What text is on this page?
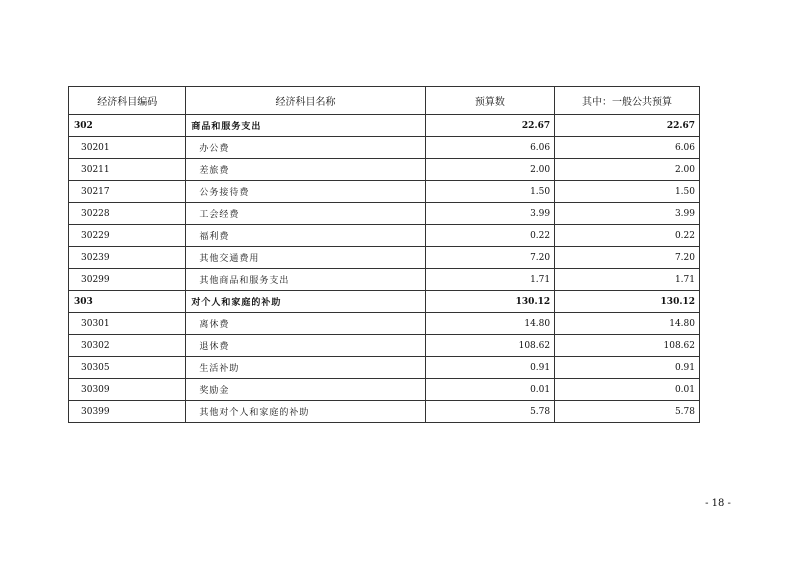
经济科目编码	经济科目名称	预算数	其中：一般公共预算
302	商品和服务支出	22.67	22.67
30201	办公费	6.06	6.06
30211	差旅费	2.00	2.00
30217	公务接待费	1.50	1.50
30228	工会经费	3.99	3.99
30229	福利费	0.22	0.22
30239	其他交通费用	7.20	7.20
30299	其他商品和服务支出	1.71	1.71
303	对个人和家庭的补助	130.12	130.12
30301	离休费	14.80	14.80
30302	退休费	108.62	108.62
30305	生活补助	0.91	0.91
30309	奖励金	0.01	0.01
30399	其他对个人和家庭的补助	5.78	5.78
- 18 -
